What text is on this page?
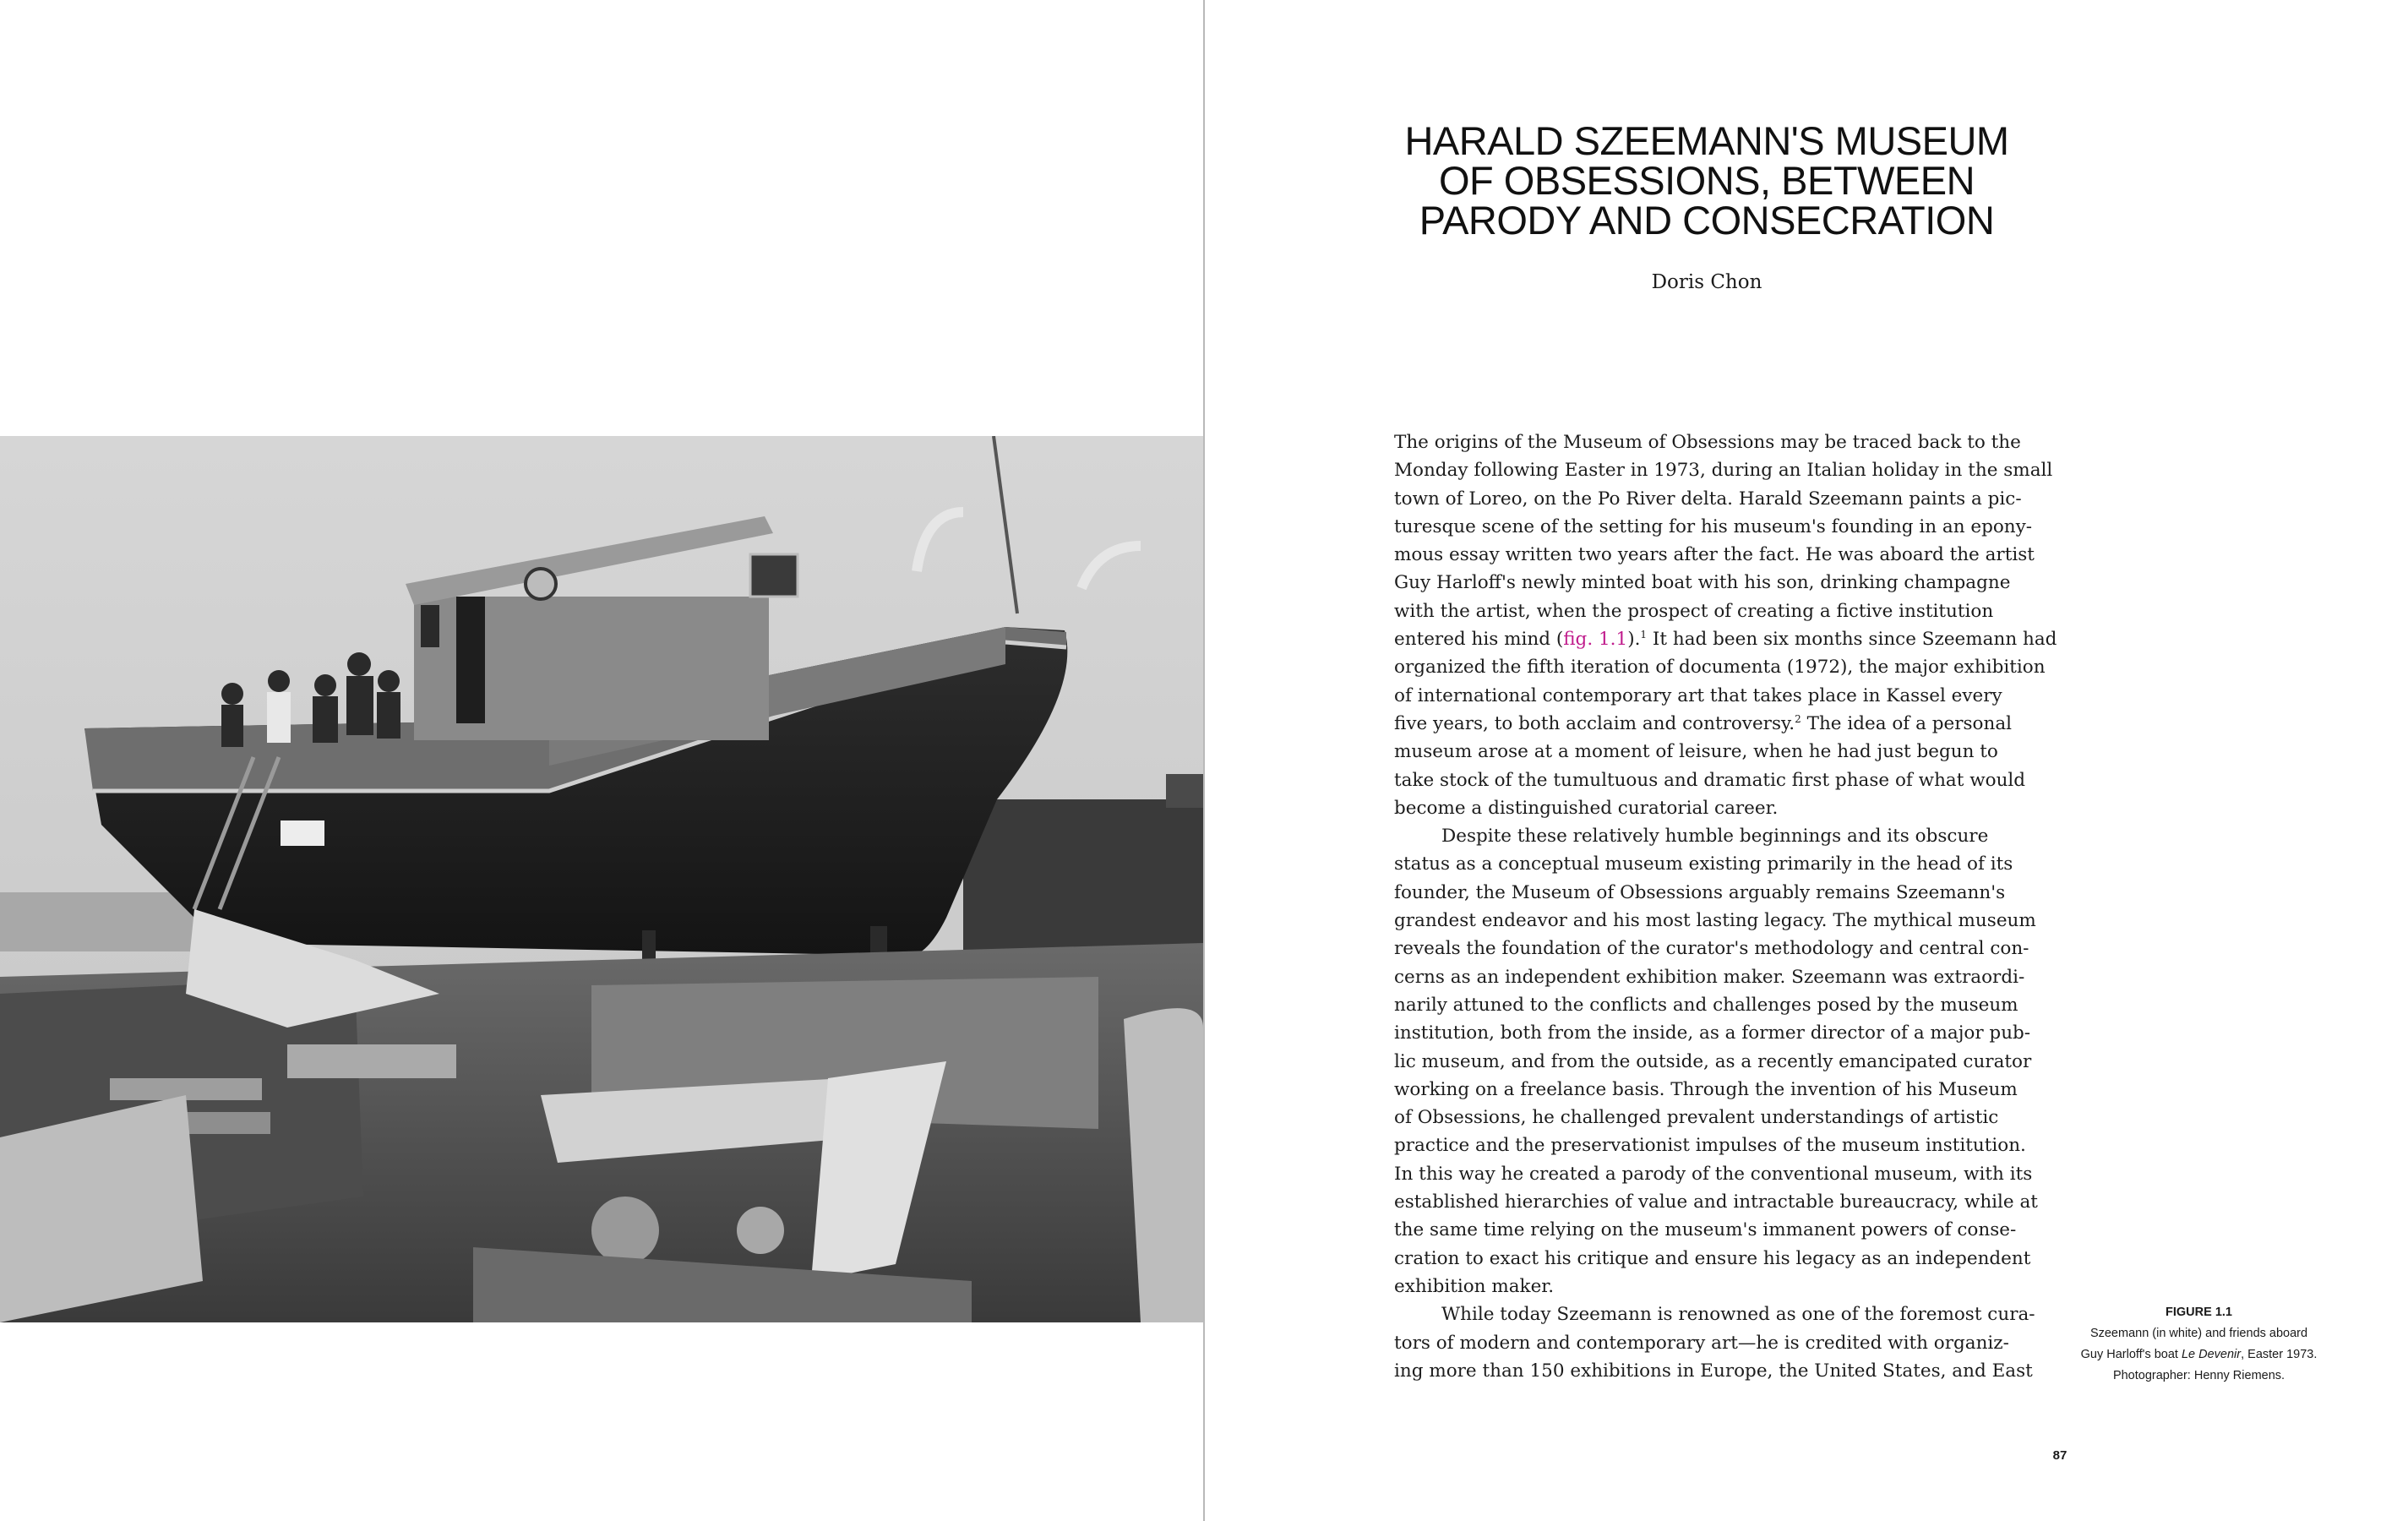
HARALD SZEEMANN'S MUSEUM
OF OBSESSIONS, BETWEEN
PARODY AND CONSECRATION
Doris Chon
The origins of the Museum of Obsessions may be traced back to the
Monday following Easter in 1973, during an Italian holiday in the small
town of Loreo, on the Po River delta. Harald Szeemann paints a pic-
turesque scene of the setting for his museum's founding in an epony-
mous essay written two years after the fact. He was aboard the artist
Guy Harloff's newly minted boat with his son, drinking champagne
with the artist, when the prospect of creating a fictive institution
entered his mind (fig. 1.1).$^1$ It had been six months since Szeemann had
organized the fifth iteration of documenta (1972), the major exhibition
of international contemporary art that takes place in Kassel every
five years, to both acclaim and controversy.$^2$ The idea of a personal
museum arose at a moment of leisure, when he had just begun to
take stock of the tumultuous and dramatic first phase of what would
become a distinguished curatorial career.
Despite these relatively humble beginnings and its obscure
status as a conceptual museum existing primarily in the head of its
founder, the Museum of Obsessions arguably remains Szeemann's
grandest endeavor and his most lasting legacy. The mythical museum
reveals the foundation of the curator's methodology and central con-
cerns as an independent exhibition maker. Szeemann was extraordi-
narily attuned to the conflicts and challenges posed by the museum
institution, both from the inside, as a former director of a major pub-
lic museum, and from the outside, as a recently emancipated curator
working on a freelance basis. Through the invention of his Museum
of Obsessions, he challenged prevalent understandings of artistic
practice and the preservationist impulses of the museum institution.
In this way he created a parody of the conventional museum, with its
established hierarchies of value and intractable bureaucracy, while at
the same time relying on the museum's immanent powers of conse-
cration to exact his critique and ensure his legacy as an independent
exhibition maker.
While today Szeemann is renowned as one of the foremost cura-
tors of modern and contemporary art—he is credited with organiz-
ing more than 150 exhibitions in Europe, the United States, and East
FIGURE 1.1
Szeemann (in white) and friends aboard
Guy Harloff's boat Le Devenir, Easter 1973.
Photographer: Henny Riemens.
87
